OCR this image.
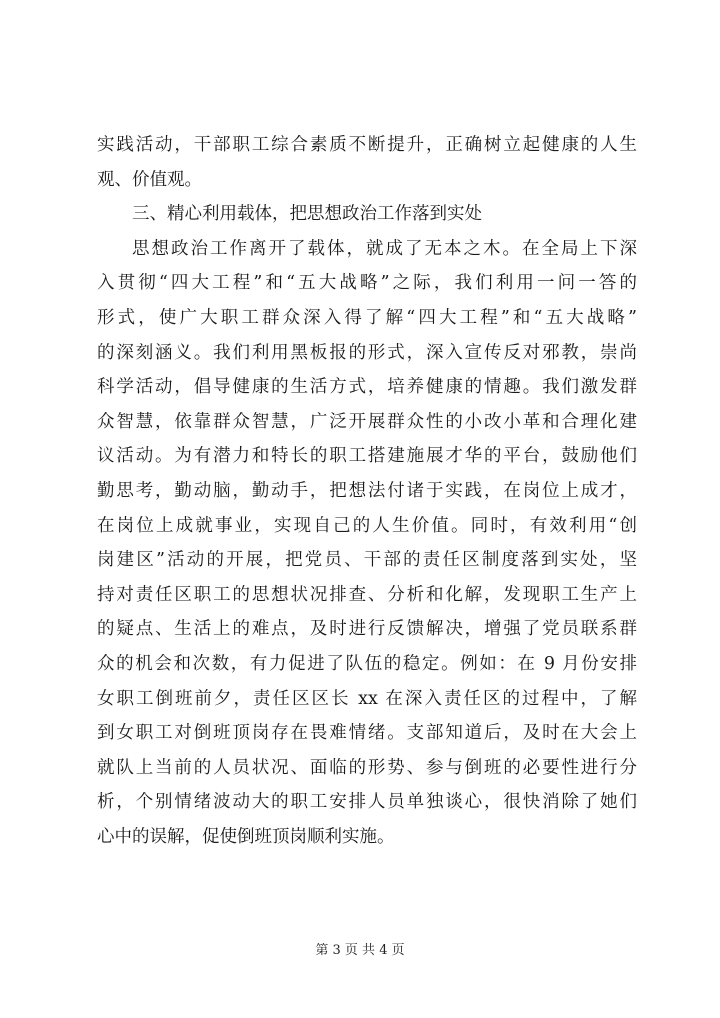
实践活动，干部职工综合素质不断提升，正确树立起健康的人生
观、价值观。
三、精心利用载体，把思想政治工作落到实处
思想政治工作离开了载体，就成了无本之木。在全局上下深
入贯彻“四大工程”和“五大战略”之际，我们利用一问一答的
形式，使广大职工群众深入得了解“四大工程”和“五大战略”
的深刻涵义。我们利用黑板报的形式，深入宣传反对邪教，崇尚
科学活动，倡导健康的生活方式，培养健康的情趣。我们激发群
众智慧，依靠群众智慧，广泛开展群众性的小改小革和合理化建
议活动。为有潜力和特长的职工搭建施展才华的平台，鼓励他们
勤思考，勤动脑，勤动手，把想法付诸于实践，在岗位上成才，
在岗位上成就事业，实现自己的人生价值。同时，有效利用“创
岗建区”活动的开展，把党员、干部的责任区制度落到实处，坚
持对责任区职工的思想状况排查、分析和化解，发现职工生产上
的疑点、生活上的难点，及时进行反馈解决，增强了党员联系群
众的机会和次数，有力促进了队伍的稳定。例如：在 9 月份安排
女职工倒班前夕，责任区区长 xx 在深入责任区的过程中，了解
到女职工对倒班顶岗存在畏难情绪。支部知道后，及时在大会上
就队上当前的人员状况、面临的形势、参与倒班的必要性进行分
析，个别情绪波动大的职工安排人员单独谈心，很快消除了她们
心中的误解，促使倒班顶岗顺利实施。
第 3 页 共 4 页
